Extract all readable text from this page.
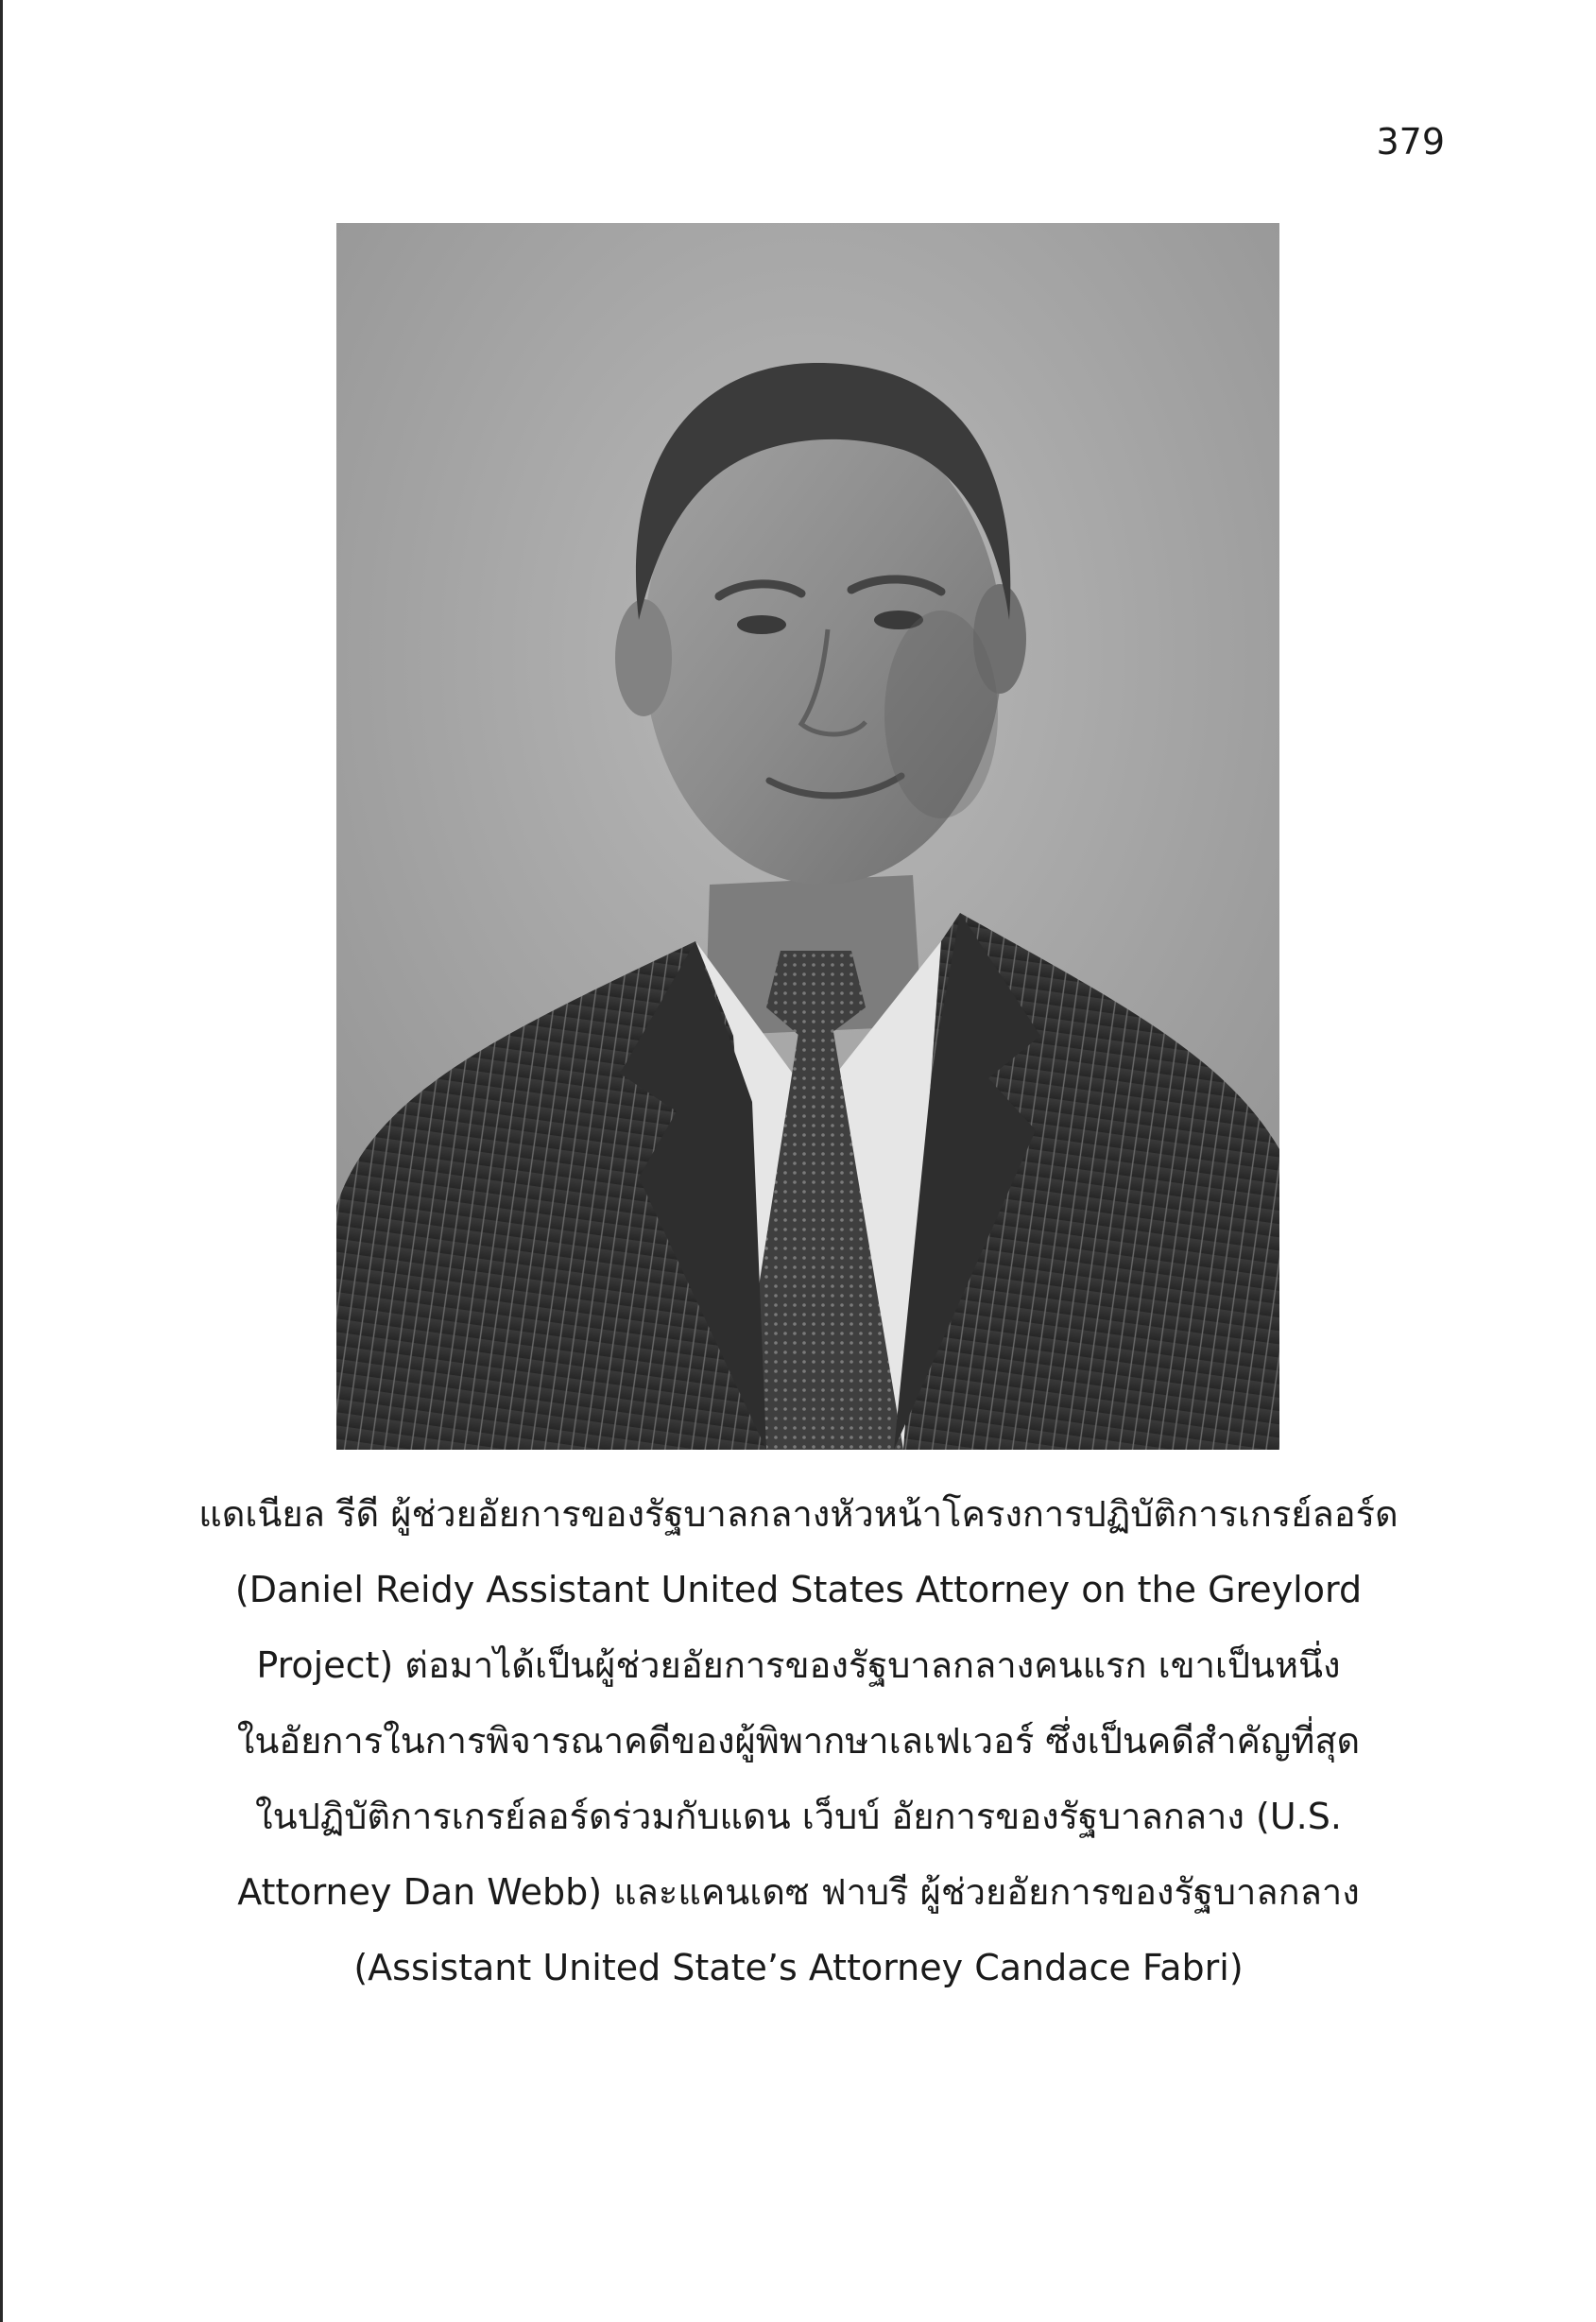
379
แดเนียล รีดี ผู้ช่วยอัยการของรัฐบาลกลางหัวหน้าโครงการปฏิบัติการเกรย์ลอร์ด
(Daniel Reidy Assistant United States Attorney on the Greylord
Project) ต่อมาได้เป็นผู้ช่วยอัยการของรัฐบาลกลางคนแรก เขาเป็นหนึ่ง
ในอัยการในการพิจารณาคดีของผู้พิพากษาเลเฟเวอร์ ซึ่งเป็นคดีสำคัญที่สุด
ในปฏิบัติการเกรย์ลอร์ดร่วมกับแดน เว็บบ์ อัยการของรัฐบาลกลาง (U.S.
Attorney Dan Webb) และแคนเดซ ฟาบรี ผู้ช่วยอัยการของรัฐบาลกลาง
(Assistant United State’s Attorney Candace Fabri)
